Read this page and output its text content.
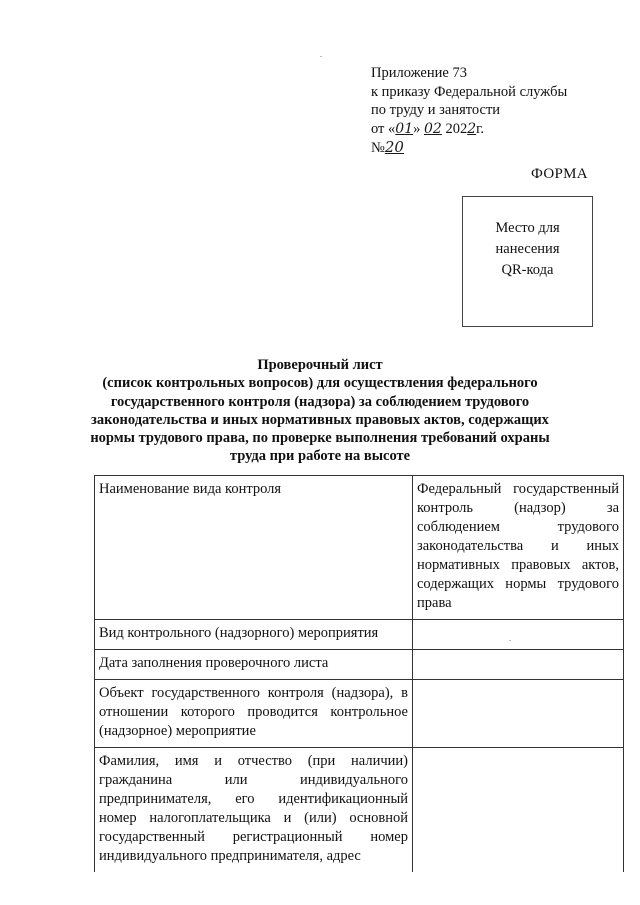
Приложение 73
к приказу Федеральной службы
по труду и занятости
от «01» 02 2022г.
№20
ФОРМА
Место для
нанесения
QR-кода
Проверочный лист
(список контрольных вопросов) для осуществления федерального
государственного контроля (надзора) за соблюдением трудового
законодательства и иных нормативных правовых актов, содержащих
нормы трудового права, по проверке выполнения требований охраны
труда при работе на высоте
Наименование вида контроля	Федеральный государственный контроль (надзор) за соблюдением трудового законодательства и иных нормативных правовых актов, содержащих нормы трудового права
Вид контрольного (надзорного) мероприятия	
Дата заполнения проверочного листа	
Объект государственного контроля (надзора), в отношении которого проводится контрольное (надзорное) мероприятие	
Фамилия, имя и отчество (при наличии) гражданина или индивидуального предпринимателя, его идентификационный номер налогоплательщика и (или) основной государственный регистрационный номер индивидуального предпринимателя, адрес	
